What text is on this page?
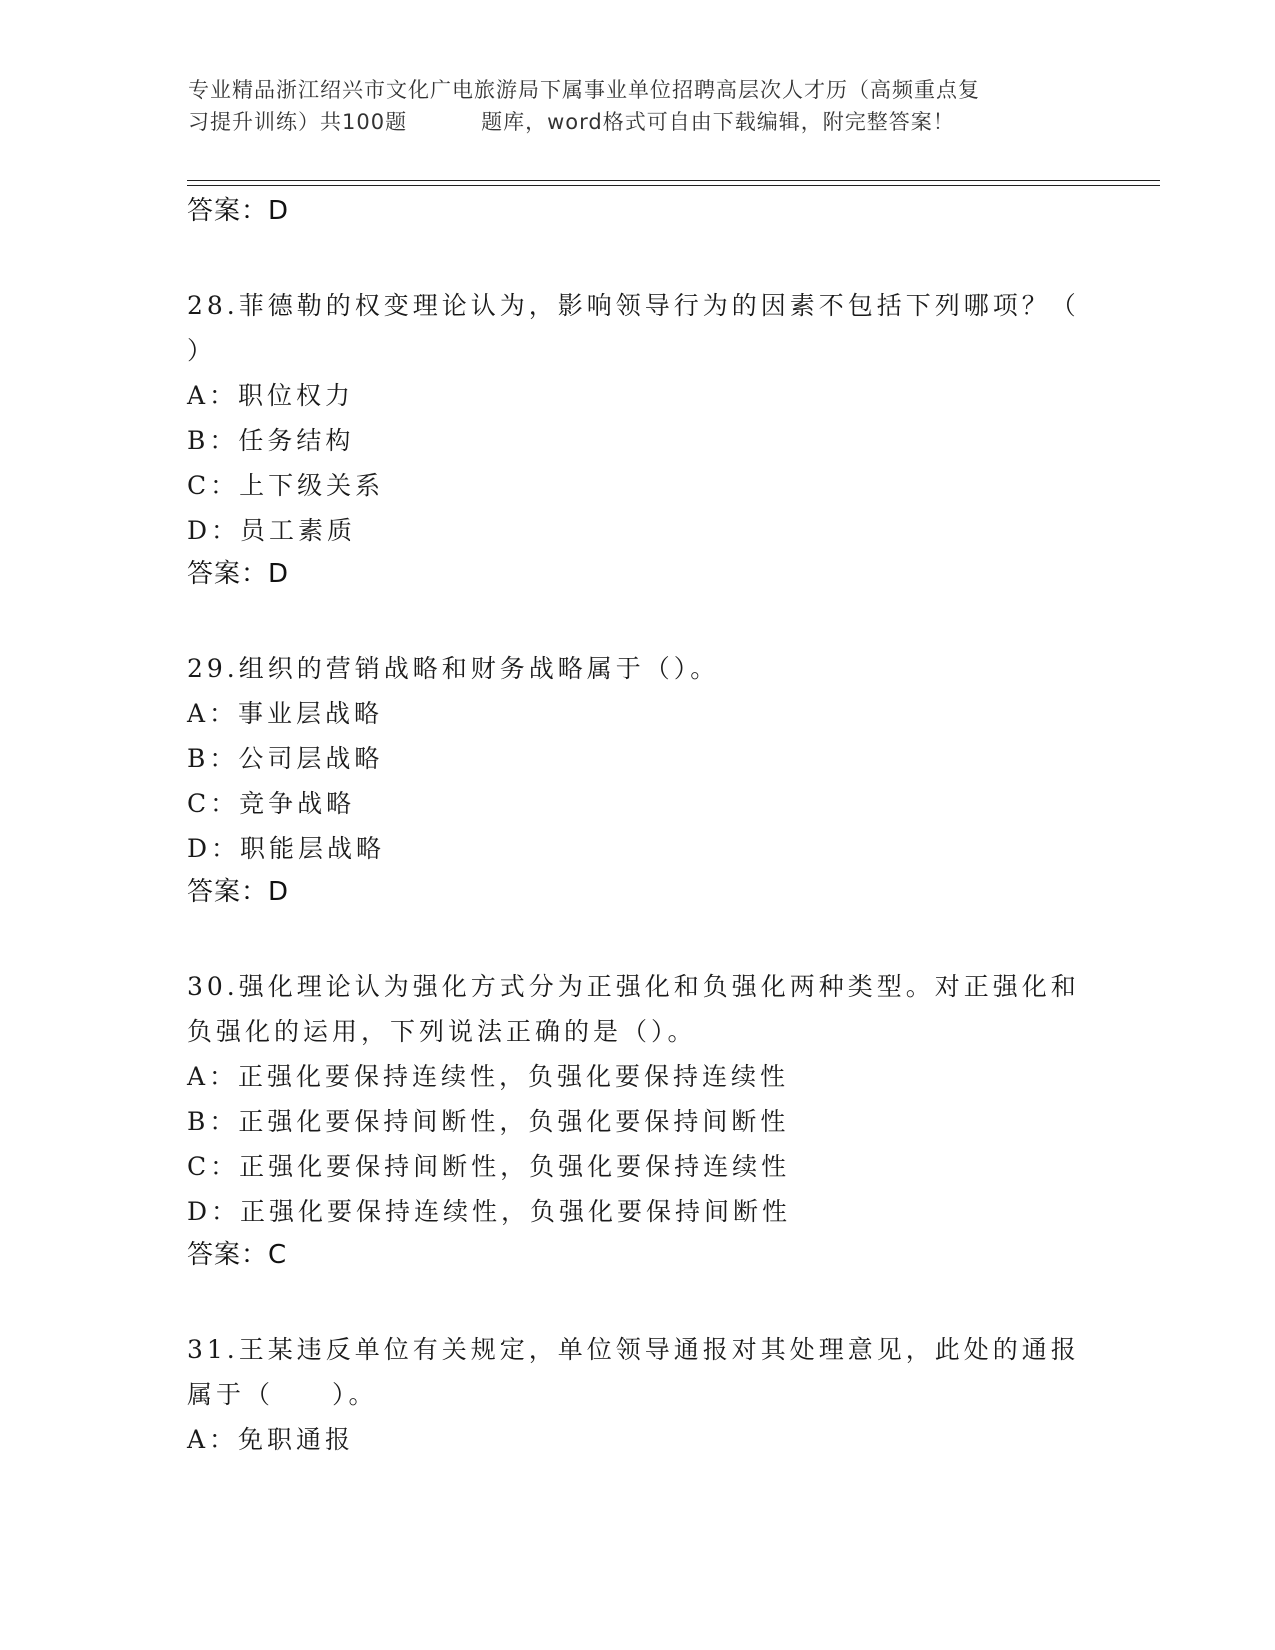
专业精品浙江绍兴市文化广电旅游局下属事业单位招聘高层次人才历（高频重点复
习提升训练）共100题	题库，word格式可自由下载编辑，附完整答案！
答案：D
28.菲德勒的权变理论认为，影响领导行为的因素不包括下列哪项？（ ）
A：职位权力
B：任务结构
C：上下级关系
D：员工素质
答案：D
29.组织的营销战略和财务战略属于（）。
A：事业层战略
B：公司层战略
C：竞争战略
D：职能层战略
答案：D
30.强化理论认为强化方式分为正强化和负强化两种类型。对正强化和负强化的运用，下列说法正确的是（）。
A：正强化要保持连续性，负强化要保持连续性
B：正强化要保持间断性，负强化要保持间断性
C：正强化要保持间断性，负强化要保持连续性
D：正强化要保持连续性，负强化要保持间断性
答案：C
31.王某违反单位有关规定，单位领导通报对其处理意见，此处的通报属于（　　）。
A：免职通报
